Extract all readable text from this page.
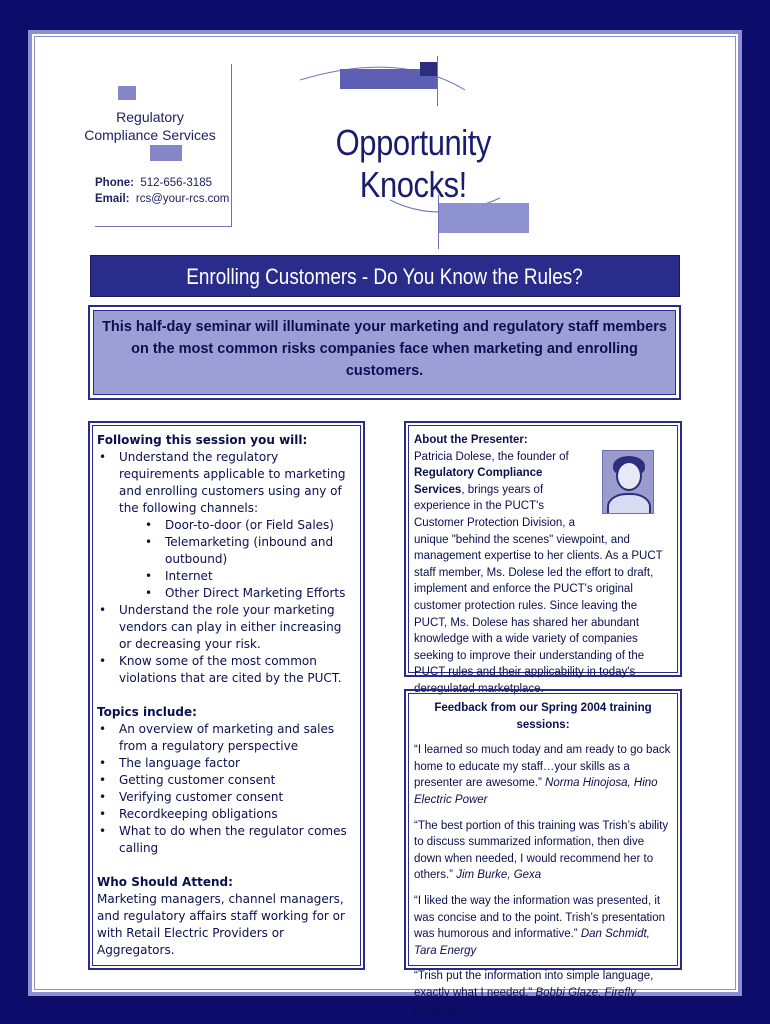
Regulatory Compliance Services
Phone: 512-656-3185
Email: rcs@your-rcs.com
Opportunity Knocks!
Enrolling Customers - Do You Know the Rules?
This half-day seminar will illuminate your marketing and regulatory staff members on the most common risks companies face when marketing and enrolling customers.
Following this session you will:
• Understand the regulatory requirements applicable to marketing and enrolling customers using any of the following channels:
• Door-to-door (or Field Sales)
• Telemarketing (inbound and outbound)
• Internet
• Other Direct Marketing Efforts
• Understand the role your marketing vendors can play in either increasing or decreasing your risk.
• Know some of the most common violations that are cited by the PUCT.
Topics include:
• An overview of marketing and sales from a regulatory perspective
• The language factor
• Getting customer consent
• Verifying customer consent
• Recordkeeping obligations
• What to do when the regulator comes calling
Who Should Attend:
Marketing managers, channel managers, and regulatory affairs staff working for or with Retail Electric Providers or Aggregators.

About the Presenter:

Patricia Dolese, the founder of Regulatory Compliance Services, brings years of experience in the PUCT's Customer Protection Division, a unique "behind the scenes" viewpoint, and management expertise to her clients. As a PUCT staff member, Ms. Dolese led the effort to draft, implement and enforce the PUCT's original customer protection rules. Since leaving the PUCT, Ms. Dolese has shared her abundant knowledge with a wide variety of companies seeking to improve their understanding of the PUCT rules and their applicability in today's deregulated marketplace.

Feedback from our Spring 2004 training sessions:
“I learned so much today and am ready to go back home to educate my staff…your skills as a presenter are awesome.” Norma Hinojosa, Hino Electric Power
“The best portion of this training was Trish’s ability to discuss summarized information, then dive down when needed, I would recommend her to others.” Jim Burke, Gexa
“I liked the way the information was presented, it was concise and to the point. Trish’s presentation was humorous and informative.” Dan Schmidt, Tara Energy
“Trish put the information into simple language, exactly what I needed.” Bobbi Glaze, Firefly Electricity
